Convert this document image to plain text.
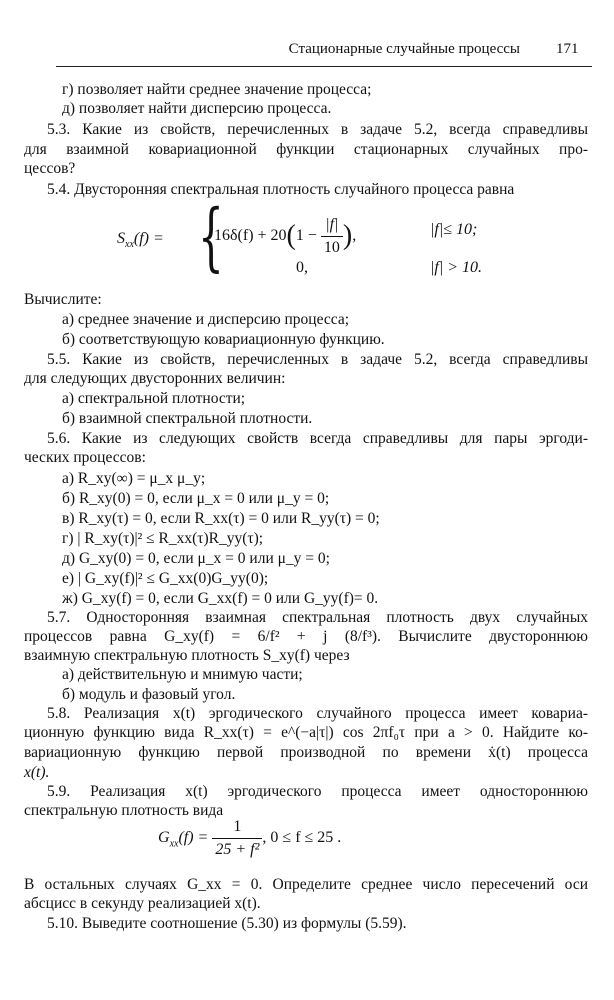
Стационарные случайные процессы 171
г) позволяет найти среднее значение процесса;
д) позволяет найти дисперсию процесса.
5.3. Какие из свойств, перечисленных в задаче 5.2, всегда справедливы
для взаимной ковариационной функции стационарных случайных про-
цессов?
5.4. Двусторонняя спектральная плотность случайного процесса равна
$S_{xx}(f)$ = {
$16\delta(f) + 20(1 - \frac{|f|}{10}$ ),	|f|≤ 10;
0,	|f| > 10.
Вычислите:
а) среднее значение и дисперсию процесса;
б) соответствующую ковариационную функцию.
5.5. Какие из свойств, перечисленных в задаче 5.2, всегда справедливы
для следующих двусторонних величин:
а) спектральной плотности;
б) взаимной спектральной плотности.
5.6. Какие из следующих свойств всегда справедливы для пары эргоди-
ческих процессов:
а) R_xy(∞) = μ_x μ_y;
б) R_xy(0) = 0, если μ_x = 0 или μ_y = 0;
в) R_xy(τ) = 0, если R_xx(τ) = 0 или R_yy(τ) = 0;
г) | R_xy(τ)|² ≤ R_xx(τ)R_yy(τ);
д) G_xy(0) = 0, если μ_x = 0 или μ_y = 0;
е) | G_xy(f)|² ≤ G_xx(0)G_yy(0);
ж) G_xy(f) = 0, если G_xx(f) = 0 или G_yy(f)= 0.
5.7. Односторонняя взаимная спектральная плотность двух случайных
процессов равна G_xy(f) = 6/f² + j (8/f³). Вычислите двустороннюю
взаимную спектральную плотность S_xy(f) через
а) действительную и мнимую части;
б) модуль и фазовый угол.
5.8. Реализация x(t) эргодического случайного процесса имеет ковариа-
ционную функцию вида R_xx(τ) = e^(−a|τ|) cos 2πf₀τ при a > 0. Найдите ко-
вариационную функцию первой производной по времени ẋ(t) процесса
x(t).
5.9. Реализация x(t) эргодического процесса имеет одностороннюю
спектральную плотность вида
$G_{xx}(f) = \frac{1}{\text{25 + f²}}$ , 0 ≤ f ≤ 25 .
В остальных случаях G_xx = 0. Определите среднее число пересечений оси
абсцисс в секунду реализацией x(t).
5.10. Выведите соотношение (5.30) из формулы (5.59).
